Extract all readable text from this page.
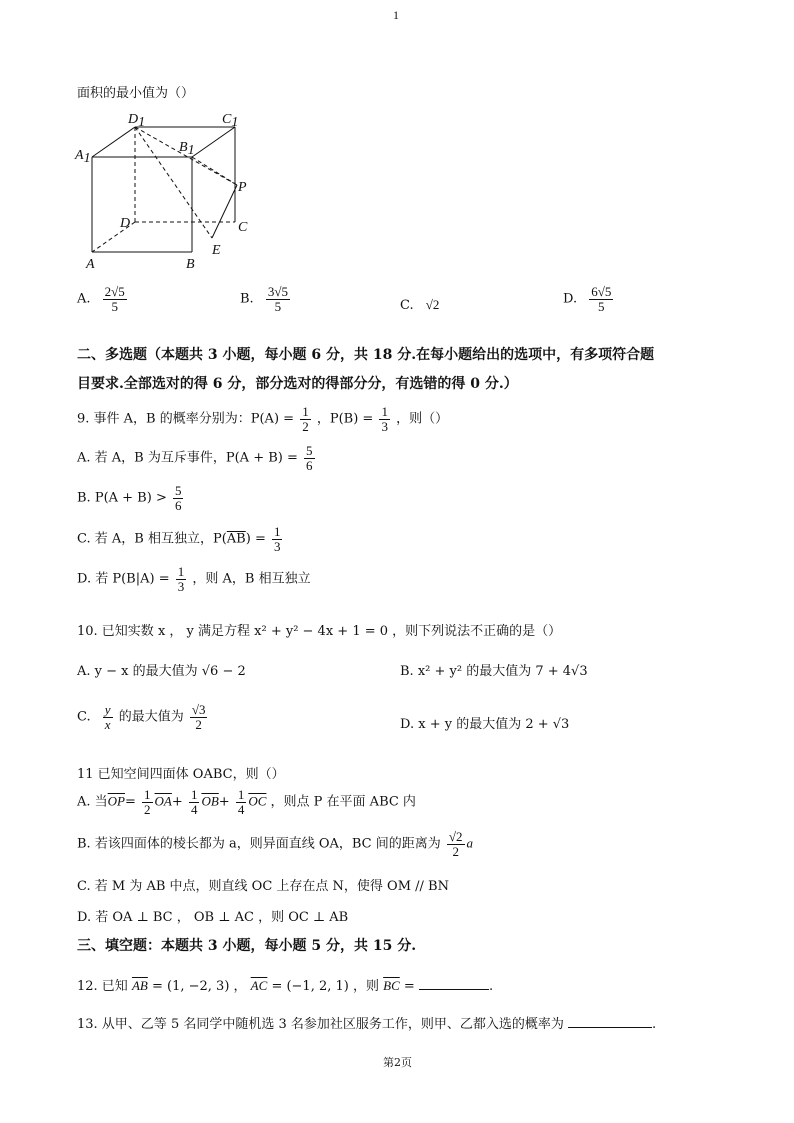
1
面积的最小值为（）
D1	C1
A1
B1
P
D	C
A	B
E
A. $\frac{2√5}{5}$	B. $\frac{3√5}{5}$	C. √2	D. $\frac{6√5}{5}$
二、多选题（本题共 3 小题，每小题 6 分，共 18 分.在每小题给出的选项中，有多项符合题
目要求.全部选对的得 6 分，部分选对的得部分分，有选错的得 0 分.）
9. 事件 A，B 的概率分别为：$P(A) = \frac{1}{2}$ ，$P(B) = \frac{1}{3}$ ，则（）
A. 若 A，B 为互斥事件，$P(A + B) = \frac{5}{6}$
B. $P(A + B) > \frac{5}{6}$
C. 若 A，B 相互独立，$P(\overline{AB}) = \frac{1}{3}$
D. 若 $P(B|A) = \frac{1}{3}$ ，则 A，B 相互独立
10. 已知实数 x ， y 满足方程 x² + y² − 4x + 1 = 0 ，则下列说法不正确的是（）
A. y − x 的最大值为 √6 − 2	B. x² + y² 的最大值为 7 + 4√3
C. $\frac{y}{x}$ 的最大值为 $\frac{√3}{2}$	D. x + y 的最大值为 2 + √3
11 已知空间四面体 OABC，则（）
A. 当$\overline{OP}= \frac{1}{2} \overline{OA}+ \frac{1}{4} \overline{OB}+ \frac{1}{4} \overline{OC}$ ，则点 P 在平面 ABC 内
B. 若该四面体的棱长都为 a，则异面直线 OA，BC 间的距离为 $\frac{√2}{2}$ a
C. 若 M 为 AB 中点，则直线 OC 上存在点 N，使得 OM // BN
D. 若 OA ⊥ BC ， OB ⊥ AC ，则 OC ⊥ AB
三、填空题：本题共 3 小题，每小题 5 分，共 15 分.
12. 已知 $\overline{AB} = (1$, −2, 3) ， $\overline{AC} = (-1$, 2, 1) ，则 $\overline{BC}$ =	.
13. 从甲、乙等 5 名同学中随机选 3 名参加社区服务工作，则甲、乙都入选的概率为	.
第2页
